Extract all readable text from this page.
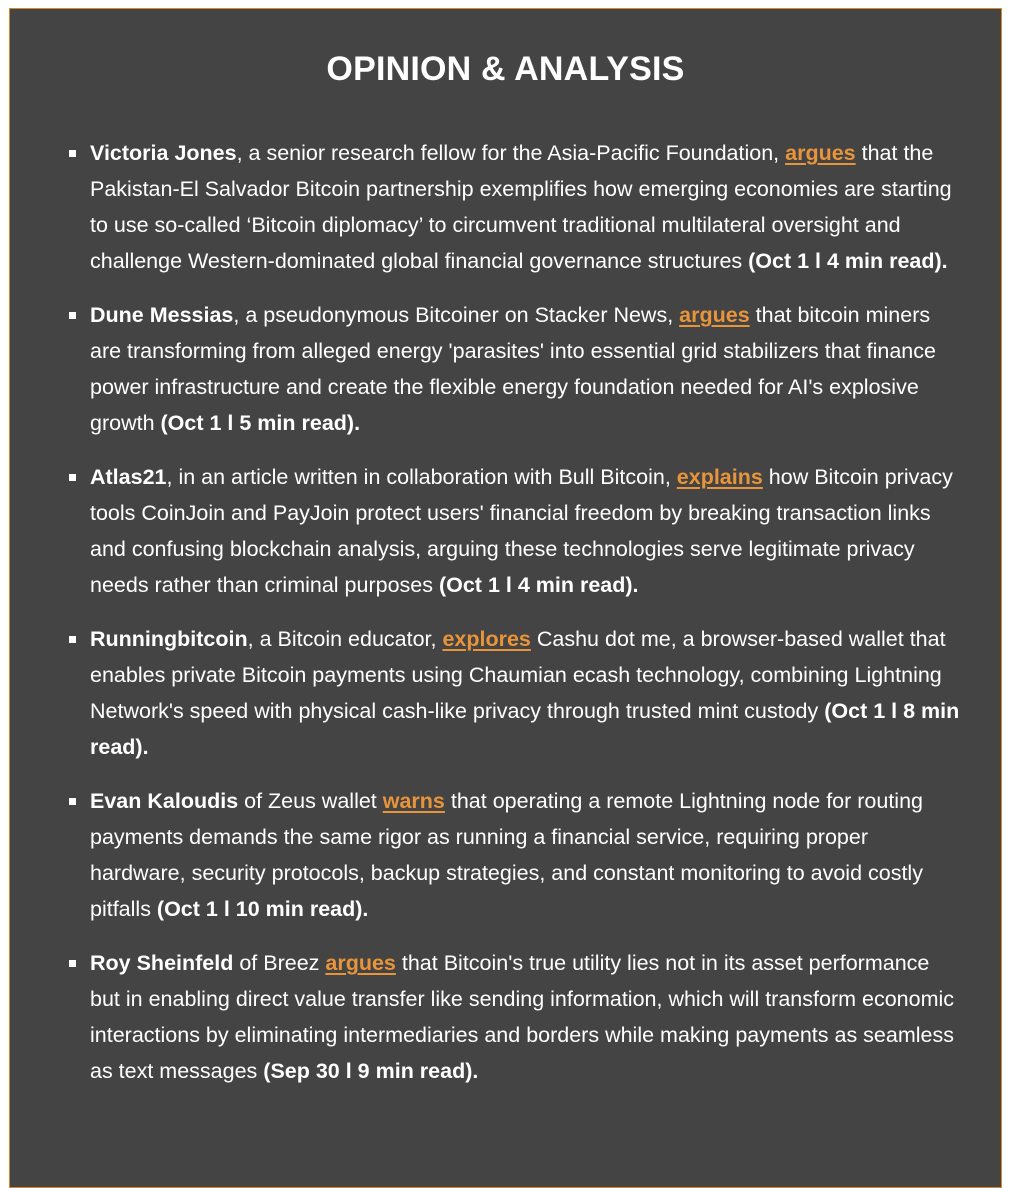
OPINION & ANALYSIS
Victoria Jones, a senior research fellow for the Asia-Pacific Foundation, argues that the Pakistan-El Salvador Bitcoin partnership exemplifies how emerging economies are starting to use so-called ‘Bitcoin diplomacy’ to circumvent traditional multilateral oversight and challenge Western-dominated global financial governance structures (Oct 1 l 4 min read).
Dune Messias, a pseudonymous Bitcoiner on Stacker News, argues that bitcoin miners are transforming from alleged energy 'parasites' into essential grid stabilizers that finance power infrastructure and create the flexible energy foundation needed for AI's explosive growth (Oct 1 l 5 min read).
Atlas21, in an article written in collaboration with Bull Bitcoin, explains how Bitcoin privacy tools CoinJoin and PayJoin protect users' financial freedom by breaking transaction links and confusing blockchain analysis, arguing these technologies serve legitimate privacy needs rather than criminal purposes (Oct 1 l 4 min read).
Runningbitcoin, a Bitcoin educator, explores Cashu dot me, a browser-based wallet that enables private Bitcoin payments using Chaumian ecash technology, combining Lightning Network's speed with physical cash-like privacy through trusted mint custody (Oct 1 l 8 min read).
Evan Kaloudis of Zeus wallet warns that operating a remote Lightning node for routing payments demands the same rigor as running a financial service, requiring proper hardware, security protocols, backup strategies, and constant monitoring to avoid costly pitfalls (Oct 1 l 10 min read).
Roy Sheinfeld of Breez argues that Bitcoin's true utility lies not in its asset performance but in enabling direct value transfer like sending information, which will transform economic interactions by eliminating intermediaries and borders while making payments as seamless as text messages (Sep 30 l 9 min read).
